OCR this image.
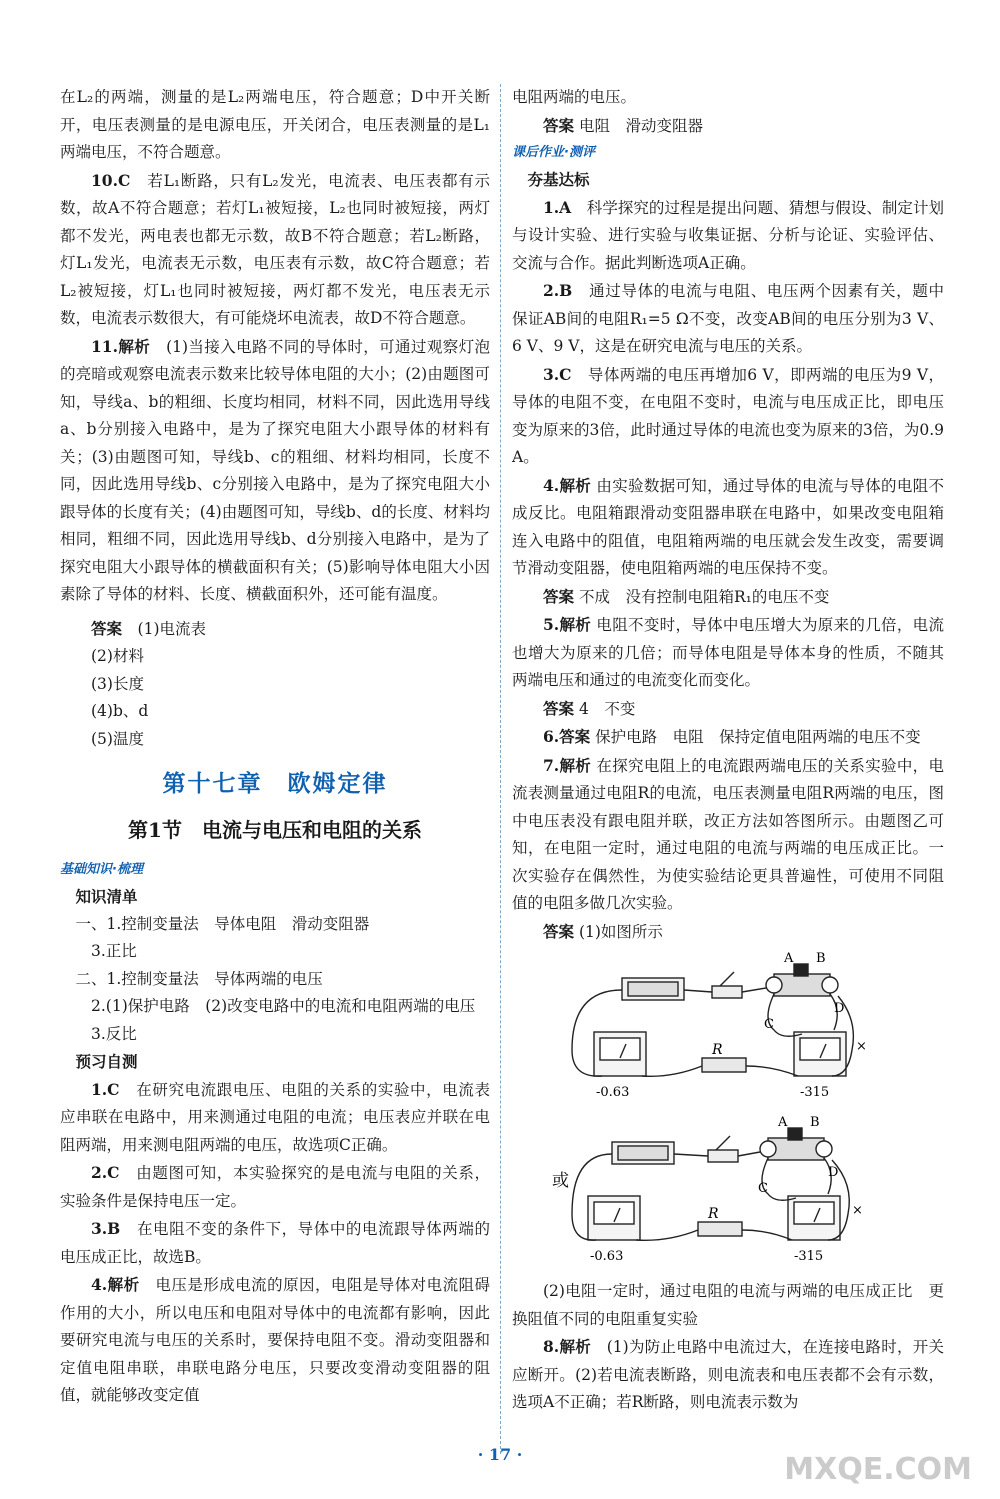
在L₂的两端，测量的是L₂两端电压，符合题意；D中开关断开，电压表测量的是电源电压，开关闭合，电压表测量的是L₁两端电压，不符合题意。

10.C　 若L₁断路，只有L₂发光，电流表、电压表都有示数，故A不符合题意；若灯L₁被短接，L₂也同时被短接，两灯都不发光，两电表也都无示数，故B不符合题意；若L₂断路，灯L₁发光，电流表无示数，电压表有示数，故C符合题意；若L₂被短接，灯L₁也同时被短接，两灯都不发光，电压表无示数，电流表示数很大，有可能烧坏电流表，故D不符合题意。

11.解析　 (1)当接入电路不同的导体时，可通过观察灯泡的亮暗或观察电流表示数来比较导体电阻的大小；(2)由题图可知，导线a、b的粗细、长度均相同，材料不同，因此选用导线a、b分别接入电路中，是为了探究电阻大小跟导体的材料有关；(3)由题图可知，导线b、c的粗细、材料均相同，长度不同，因此选用导线b、c分别接入电路中，是为了探究电阻大小跟导体的长度有关；(4)由题图可知，导线b、d的长度、材料均相同，粗细不同，因此选用导线b、d分别接入电路中，是为了探究电阻大小跟导体的横截面积有关；(5)影响导体电阻大小因素除了导体的材料、长度、横截面积外，还可能有温度。

答案　 (1)电流表

(2)材料

(3)长度

(4)b、d

(5)温度

第十七章　欧姆定律
第1节　电流与电压和电阻的关系
基础知识·梳理

知识清单

一、1.控制变量法　导体电阻　滑动变阻器

3.正比

二、1.控制变量法　导体两端的电压

2.(1)保护电路　(2)改变电路中的电流和电阻两端的电压

3.反比

预习自测

1.C　 在研究电流跟电压、电阻的关系的实验中，电流表应串联在电路中，用来测通过电阻的电流；电压表应并联在电阻两端，用来测电阻两端的电压，故选项C正确。

2.C　 由题图可知，本实验探究的是电流与电阻的关系，实验条件是保持电压一定。

3.B　 在电阻不变的条件下，导体中的电流跟导体两端的电压成正比，故选B。

4.解析　 电压是形成电流的原因，电阻是导体对电流阻碍作用的大小，所以电压和电阻对导体中的电流都有影响，因此要研究电流与电压的关系时，要保持电阻不变。滑动变阻器和定值电阻串联，串联电路分电压，只要改变滑动变阻器的阻值，就能够改变定值

电阻两端的电压。

答案 电阻　滑动变阻器

课后作业·测评

夯基达标

1.A　 科学探究的过程是提出问题、猜想与假设、制定计划与设计实验、进行实验与收集证据、分析与论证、实验评估、交流与合作。据此判断选项A正确。

2.B　 通过导体的电流与电阻、电压两个因素有关，题中保证AB间的电阻R₁=5 Ω不变，改变AB间的电压分别为3 V、6 V、9 V，这是在研究电流与电压的关系。

3.C　 导体两端的电压再增加6 V，即两端的电压为9 V，导体的电阻不变，在电阻不变时，电流与电压成正比，即电压变为原来的3倍，此时通过导体的电流也变为原来的3倍，为0.9 A。

4.解析 由实验数据可知，通过导体的电流与导体的电阻不成反比。电阻箱跟滑动变阻器串联在电路中，如果改变电阻箱连入电路中的阻值，电阻箱两端的电压就会发生改变，需要调节滑动变阻器，使电阻箱两端的电压保持不变。

答案 不成　没有控制电阻箱R₁的电压不变

5.解析 电阻不变时，导体中电压增大为原来的几倍，电流也增大为原来的几倍；而导体电阻是导体本身的性质，不随其两端电压和通过的电流变化而变化。

答案 4　不变

6.答案 保护电路　电阻　保持定值电阻两端的电压不变

7.解析 在探究电阻上的电流跟两端电压的关系实验中，电流表测量通过电阻R的电流，电压表测量电阻R两端的电压，图中电压表没有跟电阻并联，改正方法如答图所示。由题图乙可知，在电阻一定时，通过电阻的电流与两端的电压成正比。一次实验存在偶然性，为使实验结论更具普遍性，可使用不同阻值的电阻多做几次实验。

答案 (1)如图所示

A B
C
D
R	×
-0.63	-315
或
A B
C
D
R	×
-0.63	-315

(2)电阻一定时，通过电阻的电流与两端的电压成正比　更换阻值不同的电阻重复实验

8.解析　 (1)为防止电路中电流过大，在连接电路时，开关应断开。(2)若电流表断路，则电流表和电压表都不会有示数，选项A不正确；若R断路，则电流表示数为

· 17 ·	MXQE.COM
